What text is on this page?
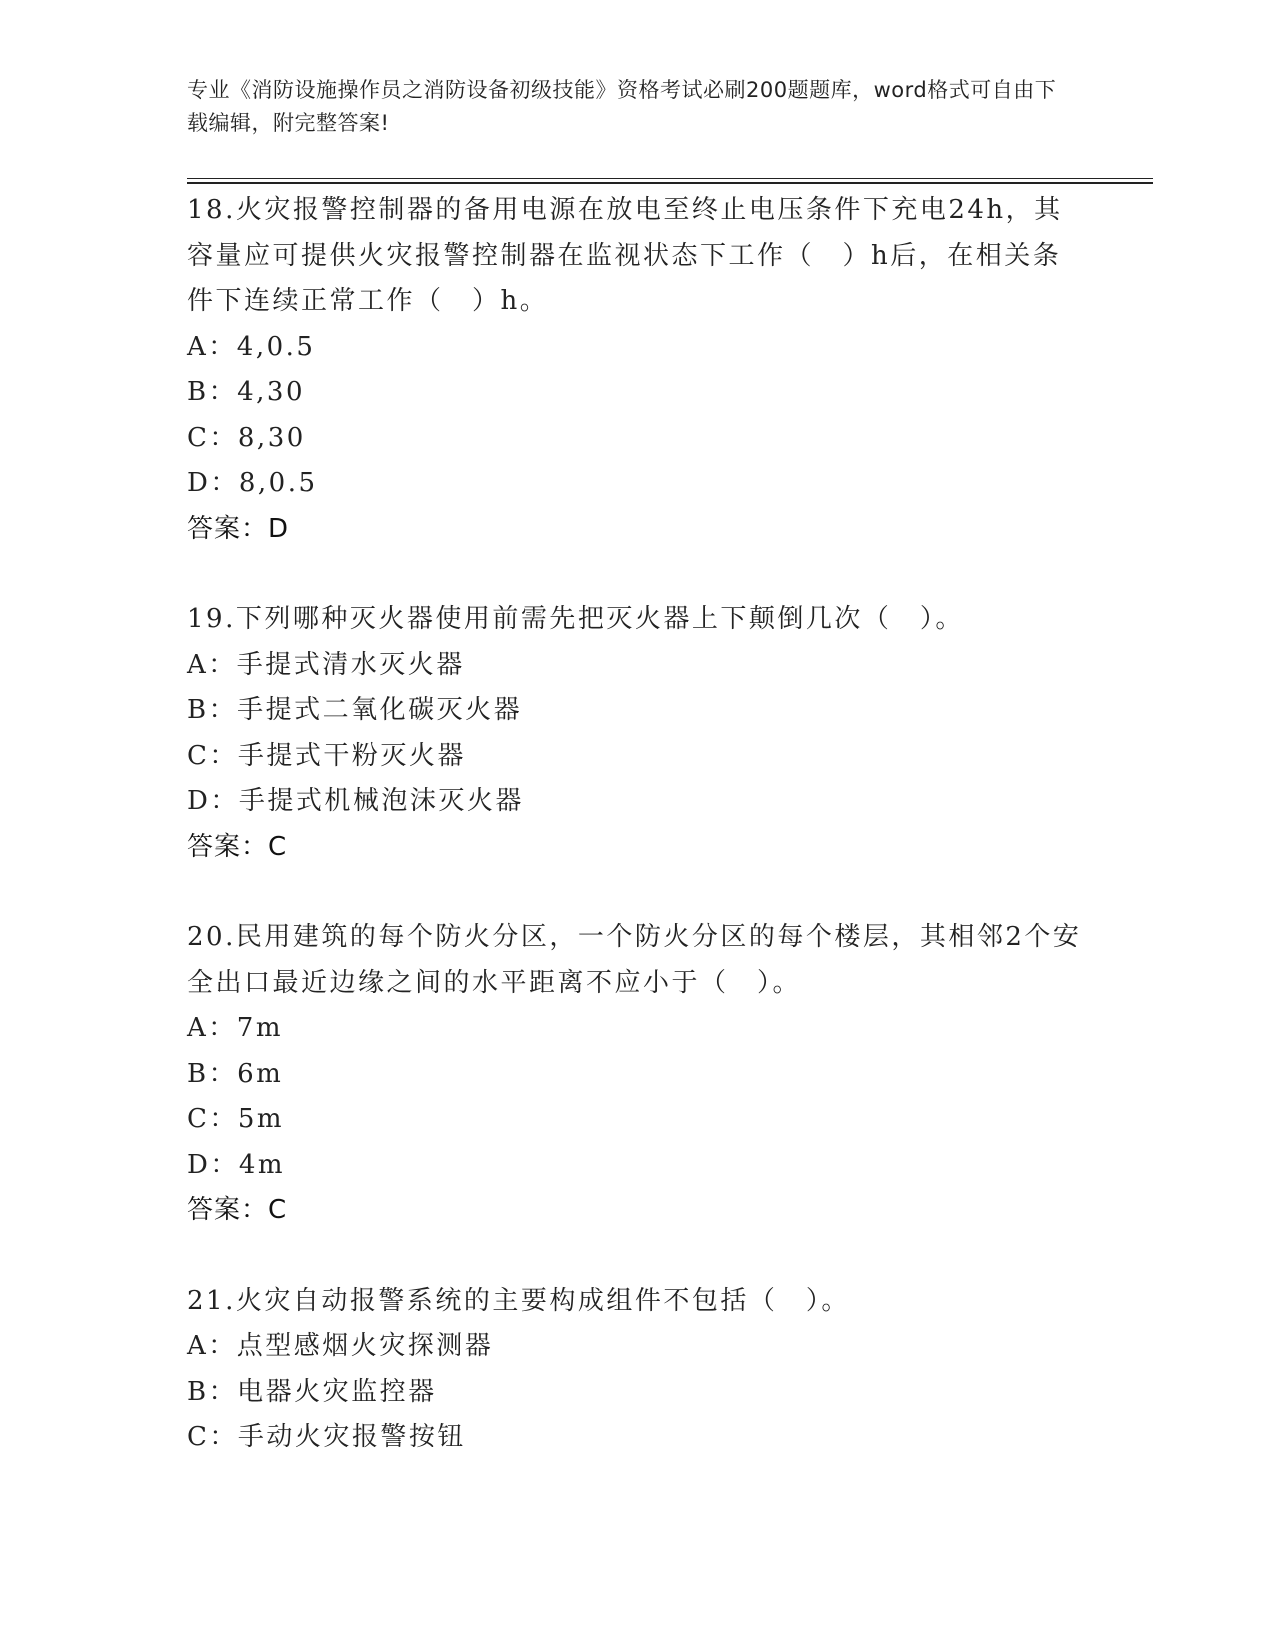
专业《消防设施操作员之消防设备初级技能》资格考试必刷200题题库，word格式可自由下载编辑，附完整答案!

18.火灾报警控制器的备用电源在放电至终止电压条件下充电24h，其容量应可提供火灾报警控制器在监视状态下工作（　）h后，在相关条件下连续正常工作（　）h。

A：4,0.5

B：4,30

C：8,30

D：8,0.5

答案：D

19.下列哪种灭火器使用前需先把灭火器上下颠倒几次（　）。

A：手提式清水灭火器

B：手提式二氧化碳灭火器

C：手提式干粉灭火器

D：手提式机械泡沫灭火器

答案：C

20.民用建筑的每个防火分区，一个防火分区的每个楼层，其相邻2个安全出口最近边缘之间的水平距离不应小于（　）。

A：7m

B：6m

C：5m

D：4m

答案：C

21.火灾自动报警系统的主要构成组件不包括（　）。

A：点型感烟火灾探测器

B：电器火灾监控器

C：手动火灾报警按钮
